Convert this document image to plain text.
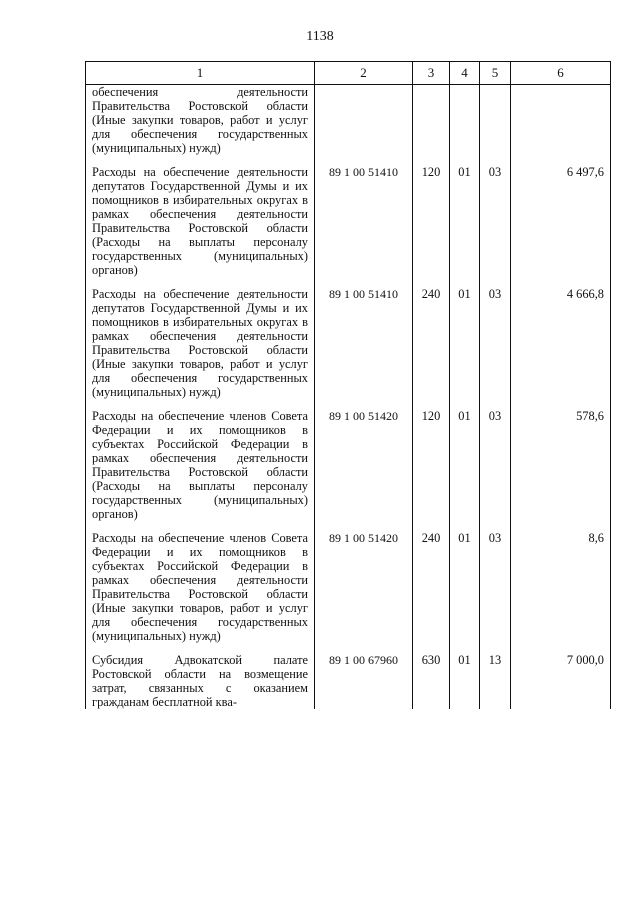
1138
1	2	3	4	5	6
обеспечения деятельности Правительства Ростовской области (Иные закупки товаров, работ и услуг для обеспечения государственных (муниципальных) нужд)					

Расходы на обеспечение деятельности депутатов Государственной Думы и их помощников в избирательных округах в рамках обеспечения деятельности Правительства Ростовской области (Расходы на выплаты персоналу государственных (муниципальных) органов)	89 1 00 51410	120	01	03	6 497,6

Расходы на обеспечение деятельности депутатов Государственной Думы и их помощников в избирательных округах в рамках обеспечения деятельности Правительства Ростовской области (Иные закупки товаров, работ и услуг для обеспечения государственных (муниципальных) нужд)	89 1 00 51410	240	01	03	4 666,8

Расходы на обеспечение членов Совета Федерации и их помощников в субъектах Российской Федерации в рамках обеспечения деятельности Правительства Ростовской области (Расходы на выплаты персоналу государственных (муниципальных) органов)	89 1 00 51420	120	01	03	578,6

Расходы на обеспечение членов Совета Федерации и их помощников в субъектах Российской Федерации в рамках обеспечения деятельности Правительства Ростовской области (Иные закупки товаров, работ и услуг для обеспечения государственных (муниципальных) нужд)	89 1 00 51420	240	01	03	8,6

Субсидия Адвокатской палате Ростовской области на возмещение затрат, связанных с оказанием гражданам бесплатной ква-	89 1 00 67960	630	01	13	7 000,0
